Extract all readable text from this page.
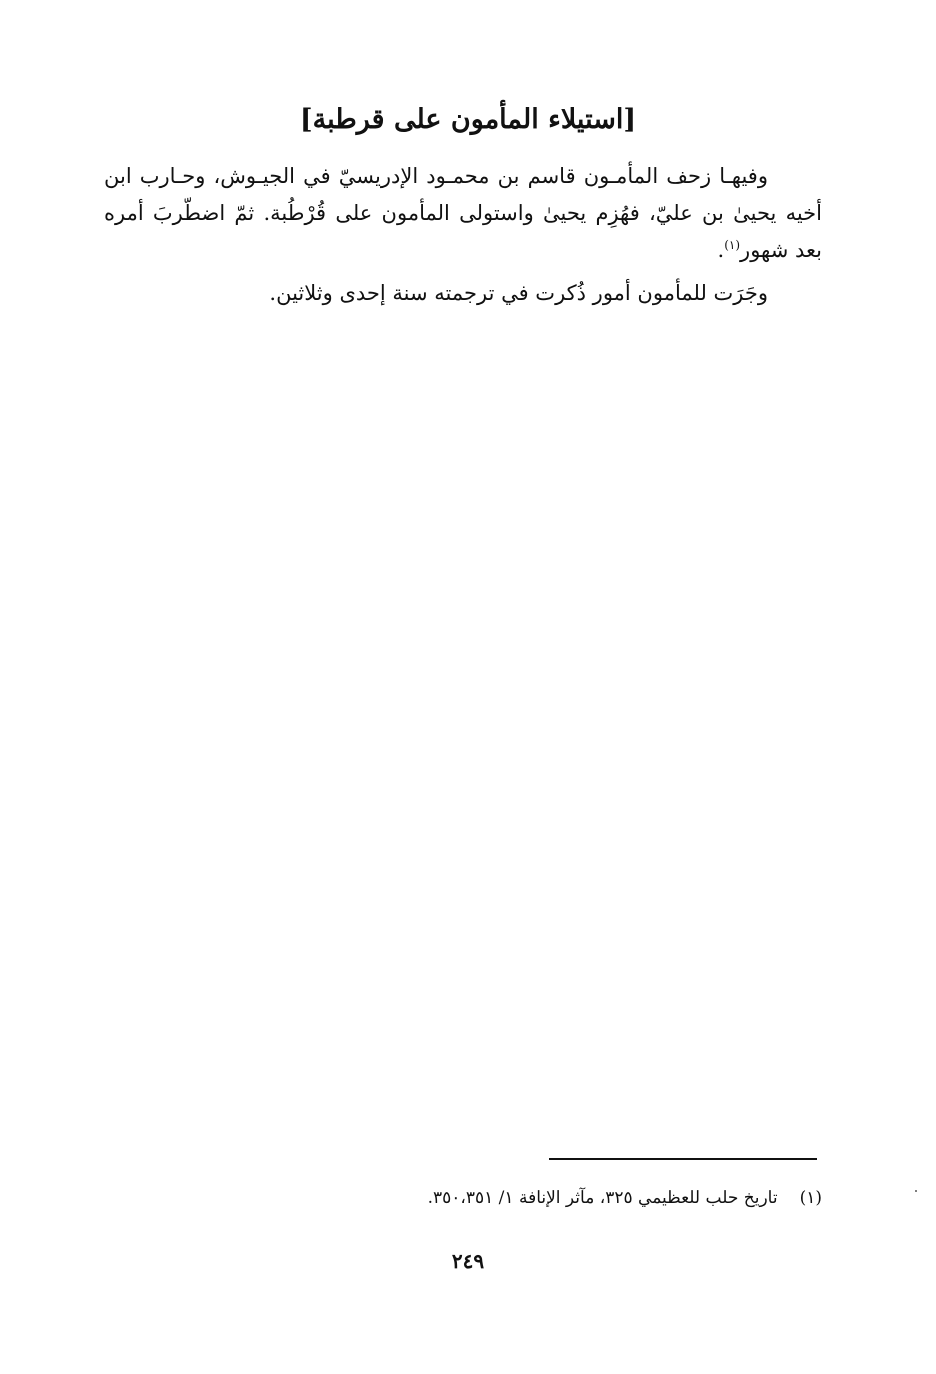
[استيلاء المأمون على قرطبة]

وفيهـا زحف المأمـون قاسم بن محمـود الإدريسيّ في الجيـوش، وحـارب ابن أخيه يحيىٰ بن عليّ، فهُزِم يحيىٰ واستولى المأمون على قُرْطُبة. ثمّ اضطّربَ أمره بعد شهور$^{(١)}$.

وجَرَت للمأمون أمور ذُكرت في ترجمته سنة إحدى وثلاثين.

(١)تاريخ حلب للعظيمي ٣٢٥، مآثر الإنافة ١/ ٣٥٠،٣٥١.
٢٤٩
